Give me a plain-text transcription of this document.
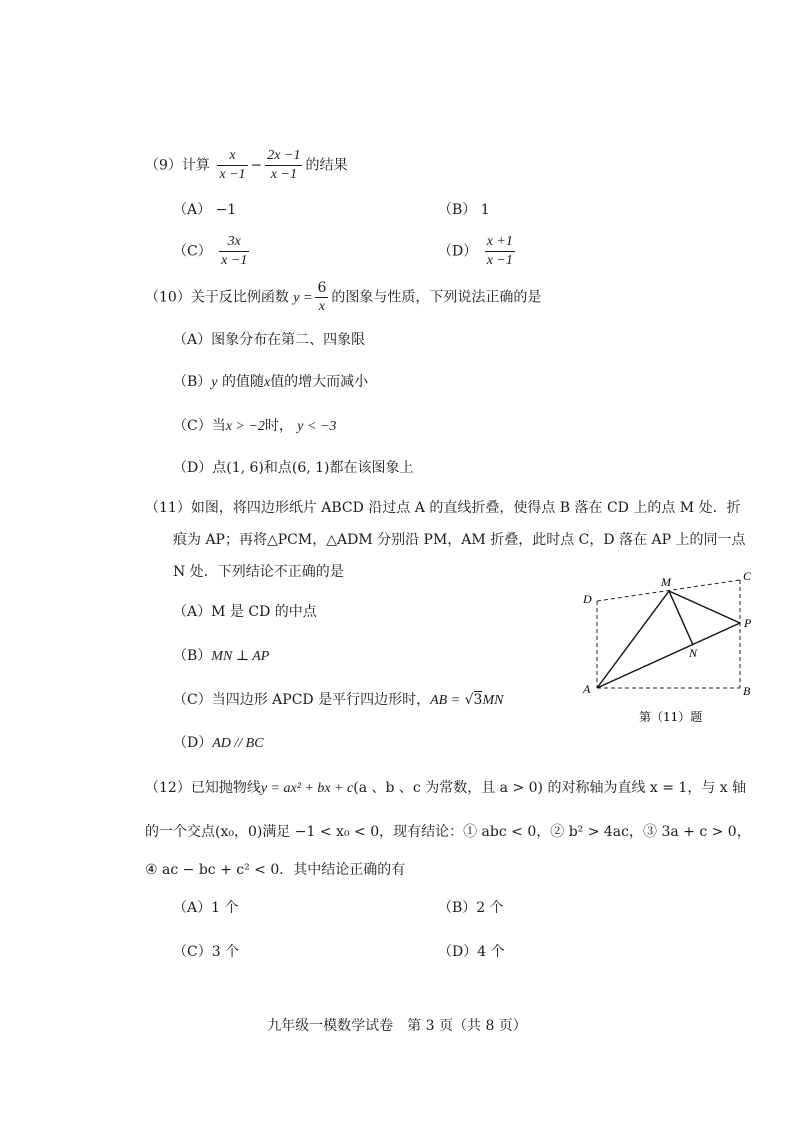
（9）计算 $\frac{x}{x -1} - \frac{2x -1}{x -1}$ 的结果
（A） −1	（B） 1
$(C) \frac{3x}{x -1}$	$(D) \frac{x +1}{x -1}$
（10）关于反比例函数 $y = \frac{6}{x}$ 的图象与性质，下列说法正确的是
（A）图象分布在第二、四象限
（B）y 的值随x值的增大而减小
（C）当x > −2时， y < −3
（D）点(1, 6)和点(6, 1)都在该图象上
（11）如图，将四边形纸片 ABCD 沿过点 A 的直线折叠，使得点 B 落在 CD 上的点 M 处．折
痕为 AP；再将△PCM，△ADM 分别沿 PM，AM 折叠，此时点 C，D 落在 AP 上的同一点
N 处．下列结论不正确的是
（A）M 是 CD 的中点
（B）MN ⊥ AP
（C）当四边形 APCD 是平行四边形时，AB = √3MN
（D）AD // BC
M	C
D
P
N
A	B
第（11）题
（12）已知抛物线y = ax² + bx + c(a 、b 、c 为常数，且 a > 0) 的对称轴为直线 x = 1，与 x 轴
的一个交点(x₀，0)满足 −1 < x₀ < 0，现有结论：① abc < 0，② b² > 4ac，③ 3a + c > 0，
④ ac − bc + c² < 0．其中结论正确的有
（A）1 个	（B）2 个
（C）3 个	（D）4 个
九年级一模数学试卷　第 3 页（共 8 页）
